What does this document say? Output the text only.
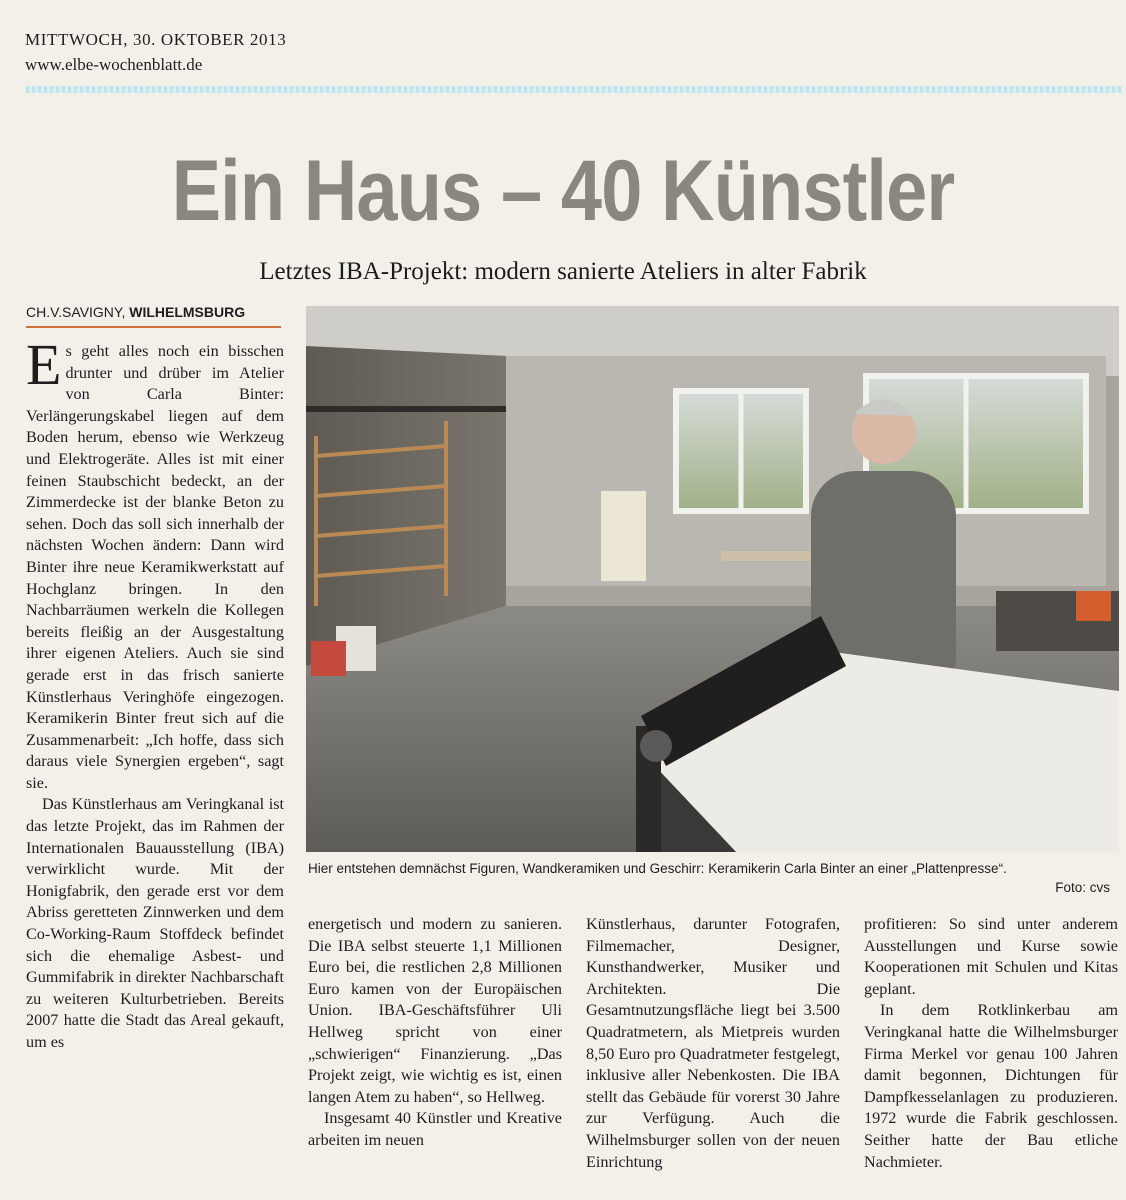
MITTWOCH, 30. OKTOBER 2013
www.elbe-wochenblatt.de
Ein Haus – 40 Künstler
Letztes IBA-Projekt: modern sanierte Ateliers in alter Fabrik
CH.V.SAVIGNY, WILHELMSBURG

Es geht alles noch ein bisschen drunter und drüber im Atelier von Carla Binter: Verlängerungskabel liegen auf dem Boden herum, ebenso wie Werkzeug und Elektrogeräte. Alles ist mit einer feinen Staubschicht bedeckt, an der Zimmerdecke ist der blanke Beton zu sehen. Doch das soll sich innerhalb der nächsten Wochen ändern: Dann wird Binter ihre neue Keramikwerkstatt auf Hochglanz bringen. In den Nachbarräumen werkeln die Kollegen bereits fleißig an der Ausgestaltung ihrer eigenen Ateliers. Auch sie sind gerade erst in das frisch sanierte Künstlerhaus Veringhöfe eingezogen. Keramikerin Binter freut sich auf die Zusammenarbeit: „Ich hoffe, dass sich daraus viele Synergien ergeben“, sagt sie.

Das Künstlerhaus am Veringkanal ist das letzte Projekt, das im Rahmen der Internationalen Bauausstellung (IBA) verwirklicht wurde. Mit der Honigfabrik, den gerade erst vor dem Abriss geretteten Zinnwerken und dem Co-Working-Raum Stoffdeck befindet sich die ehemalige Asbest- und Gummifabrik in direkter Nachbarschaft zu weiteren Kulturbetrieben. Bereits 2007 hatte die Stadt das Areal gekauft, um es

Hier entstehen demnächst Figuren, Wandkeramiken und Geschirr: Keramikerin Carla Binter an einer „Plattenpresse“.
Foto: cvs

energetisch und modern zu sanieren. Die IBA selbst steuerte 1,1 Millionen Euro bei, die restlichen 2,8 Millionen Euro kamen von der Europäischen Union. IBA-Geschäftsführer Uli Hellweg spricht von einer „schwierigen“ Finanzierung. „Das Projekt zeigt, wie wichtig es ist, einen langen Atem zu haben“, so Hellweg.

Insgesamt 40 Künstler und Kreative arbeiten im neuen

Künstlerhaus, darunter Fotografen, Filmemacher, Designer, Kunsthandwerker, Musiker und Architekten. Die Gesamtnutzungsfläche liegt bei 3.500 Quadratmetern, als Mietpreis wurden 8,50 Euro pro Quadratmeter festgelegt, inklusive aller Nebenkosten. Die IBA stellt das Gebäude für vorerst 30 Jahre zur Verfügung. Auch die Wilhelmsburger sollen von der neuen Einrichtung

profitieren: So sind unter anderem Ausstellungen und Kurse sowie Kooperationen mit Schulen und Kitas geplant.

In dem Rotklinkerbau am Veringkanal hatte die Wilhelmsburger Firma Merkel vor genau 100 Jahren damit begonnen, Dichtungen für Dampfkesselanlagen zu produzieren. 1972 wurde die Fabrik geschlossen. Seither hatte der Bau etliche Nachmieter.
